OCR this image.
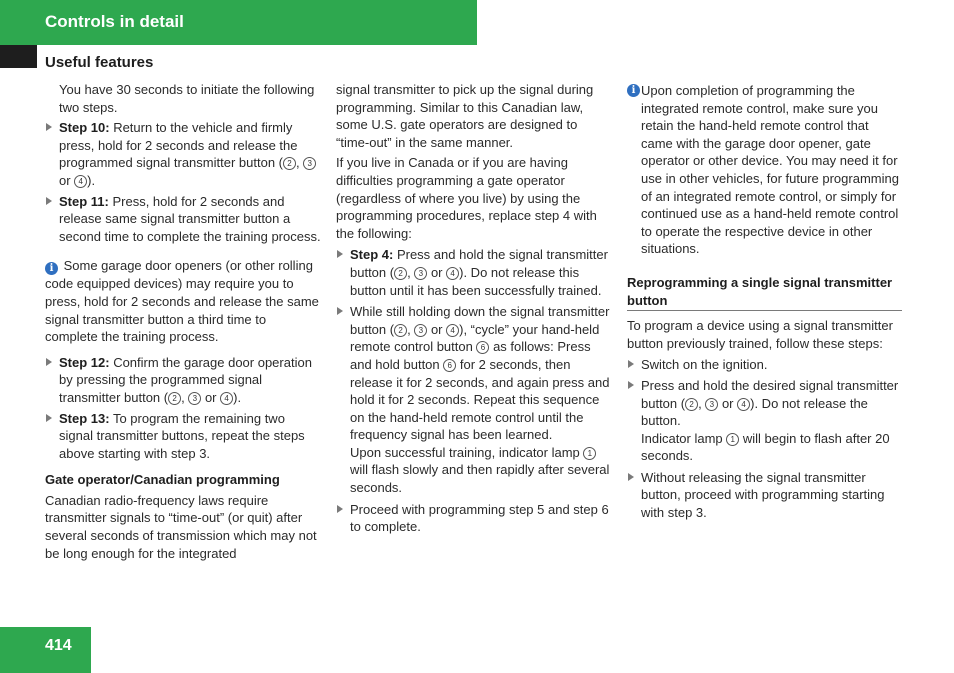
Controls in detail
Useful features

You have 30 seconds to initiate the following two steps.

Step 10: Return to the vehicle and firmly press, hold for 2 seconds and release the programmed signal transmitter button ( 2 , 3 or 4 ).
Step 11: Press, hold for 2 seconds and release same signal transmitter button a second time to complete the training process.
i Some garage door openers (or other rolling code equipped devices) may require you to press, hold for 2 seconds and release the same signal transmitter button a third time to complete the training process.
Step 12: Confirm the garage door operation by pressing the programmed signal transmitter button ( 2 , 3 or 4 ).
Step 13: To program the remaining two signal transmitter buttons, repeat the steps above starting with step 3.
Gate operator/Canadian programming

Canadian radio-frequency laws require transmitter signals to “time-out” (or quit) after several seconds of transmission which may not be long enough for the integrated

signal transmitter to pick up the signal during programming. Similar to this Canadian law, some U.S. gate operators are designed to “time-out” in the same manner.

If you live in Canada or if you are having difficulties programming a gate operator (regardless of where you live) by using the programming procedures, replace step 4 with the following:

Step 4: Press and hold the signal transmitter button ( 2 , 3 or 4 ). Do not release this button until it has been successfully trained.
While still holding down the signal transmitter button ( 2 , 3 or 4 ), “cycle” your hand-held remote control button 6 as follows: Press and hold button 6 for 2 seconds, then release it for 2 seconds, and again press and hold it for 2 seconds. Repeat this sequence on the hand-held remote control until the frequency signal has been learned.
Upon successful training, indicator lamp 1 will flash slowly and then rapidly after several seconds.
Proceed with programming step 5 and step 6 to complete.
i Upon completion of programming the integrated remote control, make sure you retain the hand-held remote control that came with the garage door opener, gate operator or other device. You may need it for use in other vehicles, for future programming of an integrated remote control, or simply for continued use as a hand-held remote control to operate the respective device in other situations.
Reprogramming a single signal transmitter button

To program a device using a signal transmitter button previously trained, follow these steps:

Switch on the ignition.
Press and hold the desired signal transmitter button ( 2 , 3 or 4 ). Do not release the button.
Indicator lamp 1 will begin to flash after 20 seconds.
Without releasing the signal transmitter button, proceed with programming starting with step 3.
414
